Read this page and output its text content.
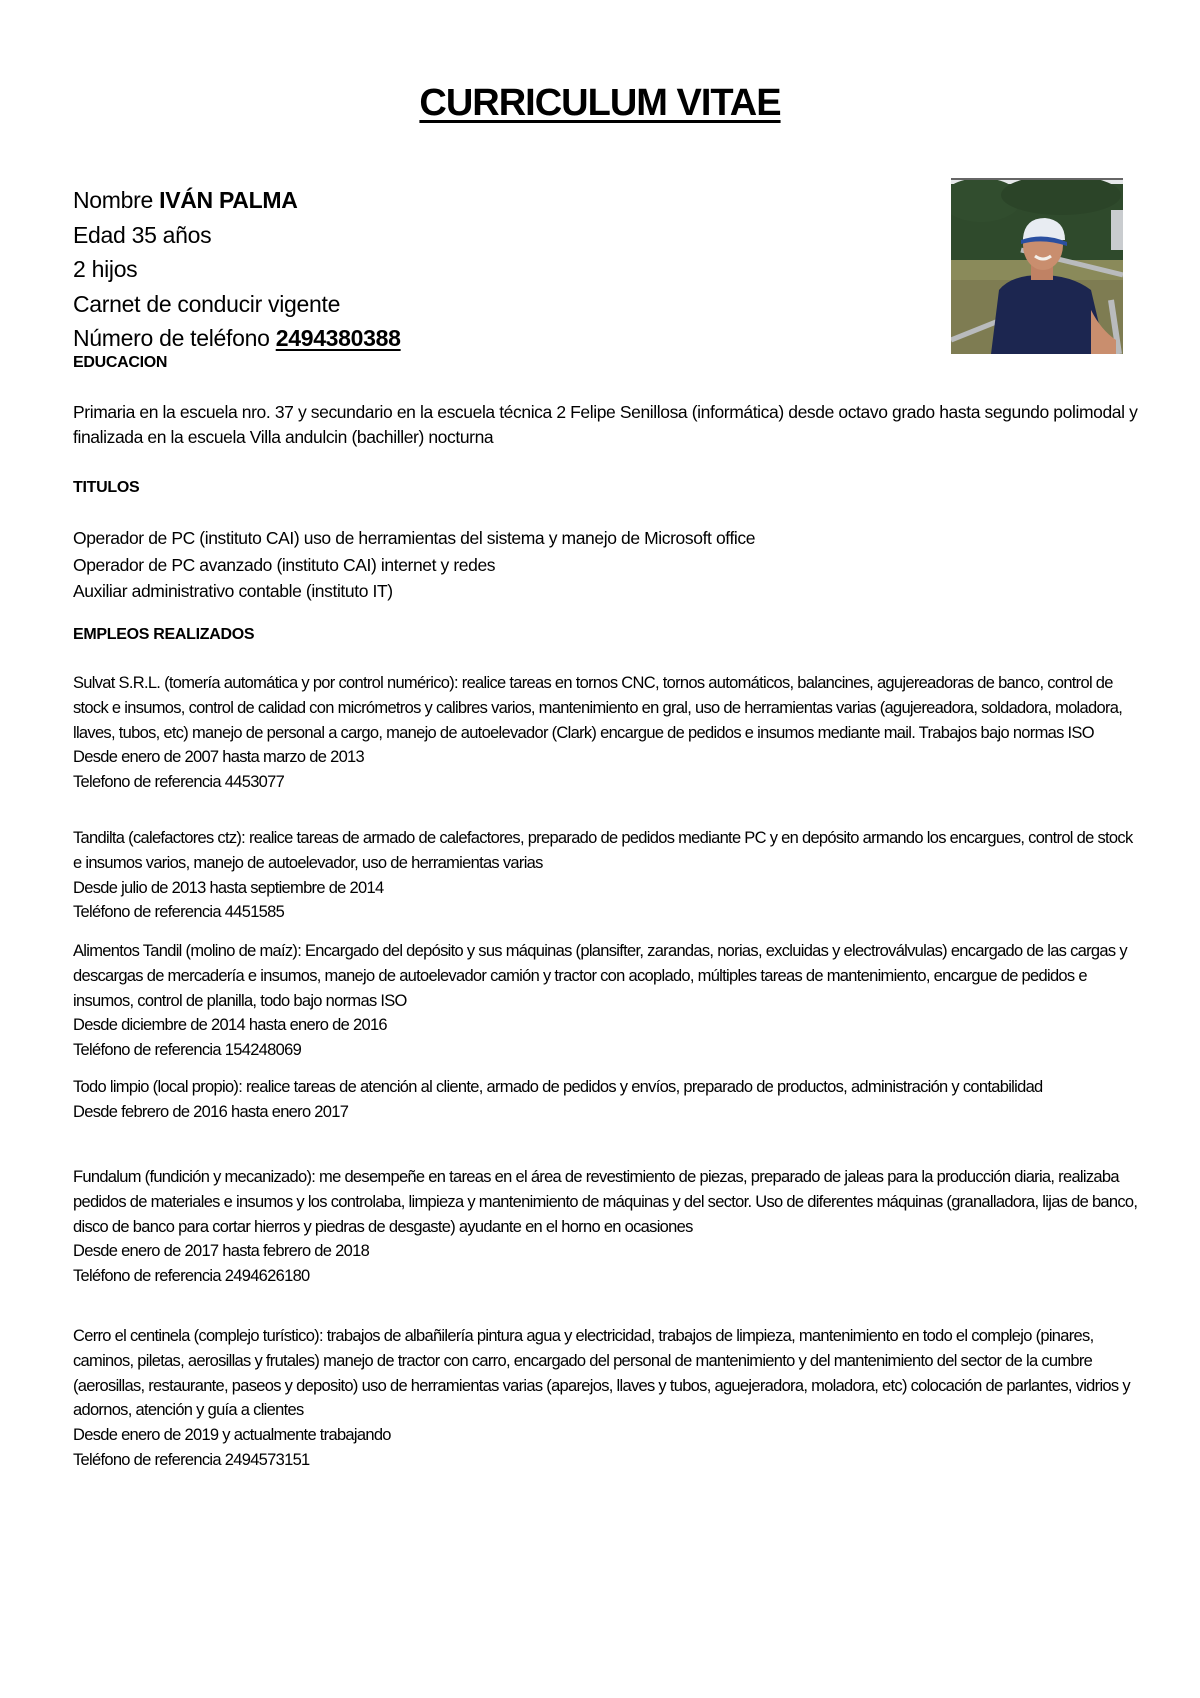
CURRICULUM VITAE
Nombre IVÁN PALMA
Edad 35 años
2 hijos
Carnet de conducir vigente
Número de teléfono 2494380388
EDUCACION
Primaria en la escuela nro. 37 y secundario en la escuela técnica 2 Felipe Senillosa (informática) desde octavo grado hasta segundo polimodal y finalizada en la escuela Villa andulcin (bachiller) nocturna
TITULOS
Operador de PC (instituto CAI) uso de herramientas del sistema y manejo de Microsoft office
Operador de PC avanzado (instituto CAI) internet y redes
Auxiliar administrativo contable (instituto IT)
EMPLEOS REALIZADOS
Sulvat S.R.L. (tomería automática y por control numérico): realice tareas en tornos CNC, tornos automáticos, balancines, agujereadoras de banco, control de stock e insumos, control de calidad con micrómetros y calibres varios, mantenimiento en gral, uso de herramientas varias (agujereadora, soldadora, moladora, llaves, tubos, etc) manejo de personal a cargo, manejo de autoelevador (Clark) encargue de pedidos e insumos mediante mail. Trabajos bajo normas ISO
Desde enero de 2007 hasta marzo de 2013
Telefono de referencia 4453077
Tandilta (calefactores ctz): realice tareas de armado de calefactores, preparado de pedidos mediante PC y en depósito armando los encargues, control de stock e insumos varios, manejo de autoelevador, uso de herramientas varias
Desde julio de 2013 hasta septiembre de 2014
Teléfono de referencia 4451585
Alimentos Tandil (molino de maíz): Encargado del depósito y sus máquinas (plansifter, zarandas, norias, excluidas y electroválvulas) encargado de las cargas y descargas de mercadería e insumos, manejo de autoelevador camión y tractor con acoplado, múltiples tareas de mantenimiento, encargue de pedidos e insumos, control de planilla, todo bajo normas ISO
Desde diciembre de 2014 hasta enero de 2016
Teléfono de referencia 154248069
Todo limpio (local propio): realice tareas de atención al cliente, armado de pedidos y envíos, preparado de productos, administración y contabilidad
Desde febrero de 2016 hasta enero 2017
Fundalum (fundición y mecanizado): me desempeñe en tareas en el área de revestimiento de piezas, preparado de jaleas para la producción diaria, realizaba pedidos de materiales e insumos y los controlaba, limpieza y mantenimiento de máquinas y del sector. Uso de diferentes máquinas (granalladora, lijas de banco, disco de banco para cortar hierros y piedras de desgaste) ayudante en el horno en ocasiones
Desde enero de 2017 hasta febrero de 2018
Teléfono de referencia 2494626180
Cerro el centinela (complejo turístico): trabajos de albañilería pintura agua y electricidad, trabajos de limpieza, mantenimiento en todo el complejo (pinares, caminos, piletas, aerosillas y frutales) manejo de tractor con carro, encargado del personal de mantenimiento y del mantenimiento del sector de la cumbre (aerosillas, restaurante, paseos y deposito) uso de herramientas varias (aparejos, llaves y tubos, aguejeradora, moladora, etc) colocación de parlantes, vidrios y adornos, atención y guía a clientes
Desde enero de 2019 y actualmente trabajando
Teléfono de referencia 2494573151
